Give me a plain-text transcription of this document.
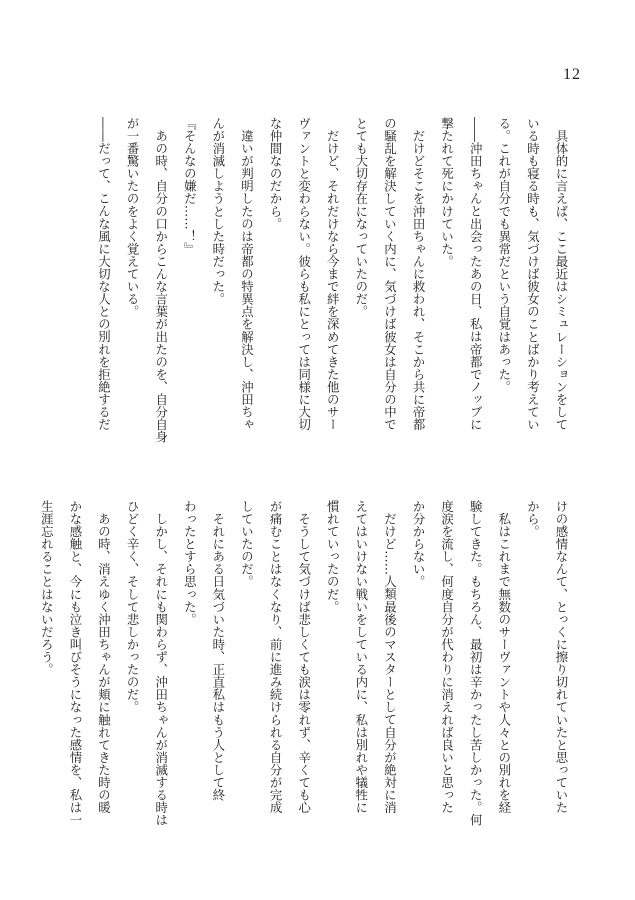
12

　具体的に言えば、ここ最近はシミュレーションをして

いる時も寝る時も、気づけば彼女のことばかり考えてい

る。これが自分でも異常だという自覚はあった。

――沖田ちゃんと出会ったあの日、私は帝都でノッブに

撃たれて死にかけていた。

　だけどそこを沖田ちゃんに救われ、そこから共に帝都

の騒乱を解決していく内に、気づけば彼女は自分の中で

とても大切存在になっていたのだ。

　だけど、それだけなら今まで絆を深めてきた他のサー

ヴァントと変わらない。彼らも私にとっては同様に大切

な仲間なのだから。

　違いが判明したのは帝都の特異点を解決し、沖田ちゃ

んが消滅しようとした時だった。

『そんなの嫌だ……！』

　あの時、自分の口からこんな言葉が出たのを、自分自身

が一番驚いたのをよく覚えている。

――だって、こんな風に大切な人との別れを拒絶するだ

けの感情なんて、とっくに擦り切れていたと思っていた

から。

　私はこれまで無数のサーヴァントや人々との別れを経

験してきた。もちろん、最初は辛かったし苦しかった。何

度涙を流し、何度自分が代わりに消えれば良いと思った

か分からない。

　だけど……人類最後のマスターとして自分が絶対に消

えてはいけない戦いをしている内に、私は別れや犠牲に

慣れていったのだ。

　そうして気づけば悲しくても涙は零れず、辛くても心

が痛むことはなくなり、前に進み続けられる自分が完成

していたのだ。

　それにある日気づいた時、正直私はもう人として終

わったとすら思った。

　しかし、それにも関わらず、沖田ちゃんが消滅する時は

ひどく辛く、そして悲しかったのだ。

　あの時、消えゆく沖田ちゃんが頬に触れてきた時の暖

かな感触と、今にも泣き叫びそうになった感情を、私は一

生涯忘れることはないだろう。
